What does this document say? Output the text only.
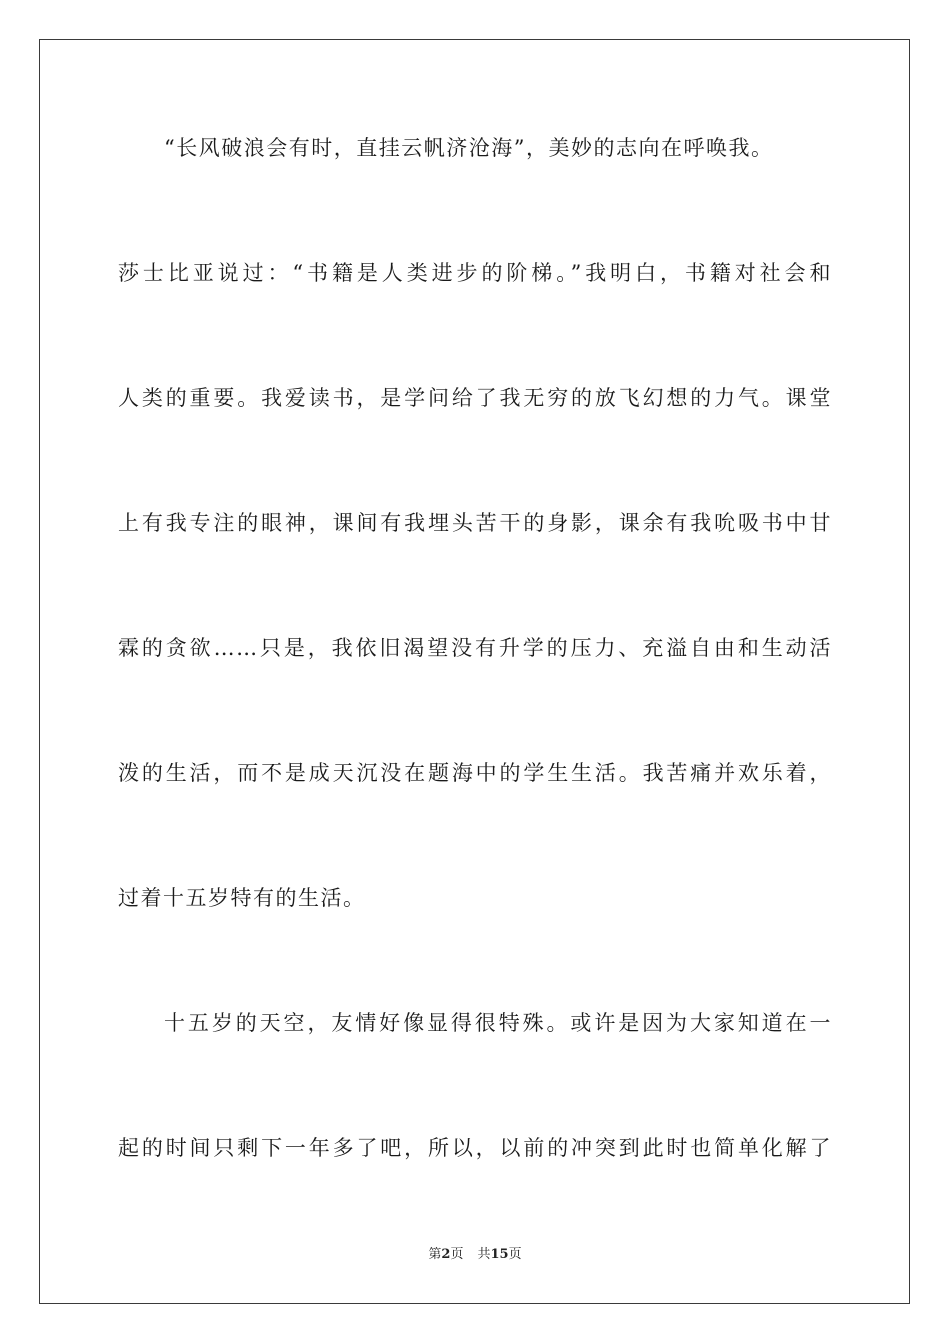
“长风破浪会有时，直挂云帆济沧海”，美妙的志向在呼唤我。
莎士比亚说过：“书籍是人类进步的阶梯。”我明白，书籍对社会和
人类的重要。我爱读书，是学问给了我无穷的放飞幻想的力气。课堂
上有我专注的眼神，课间有我埋头苦干的身影，课余有我吮吸书中甘
霖的贪欲……只是，我依旧渴望没有升学的压力、充溢自由和生动活
泼的生活，而不是成天沉没在题海中的学生生活。我苦痛并欢乐着，
过着十五岁特有的生活。
十五岁的天空，友情好像显得很特殊。或许是因为大家知道在一
起的时间只剩下一年多了吧，所以，以前的冲突到此时也简单化解了
第2页 共15页
